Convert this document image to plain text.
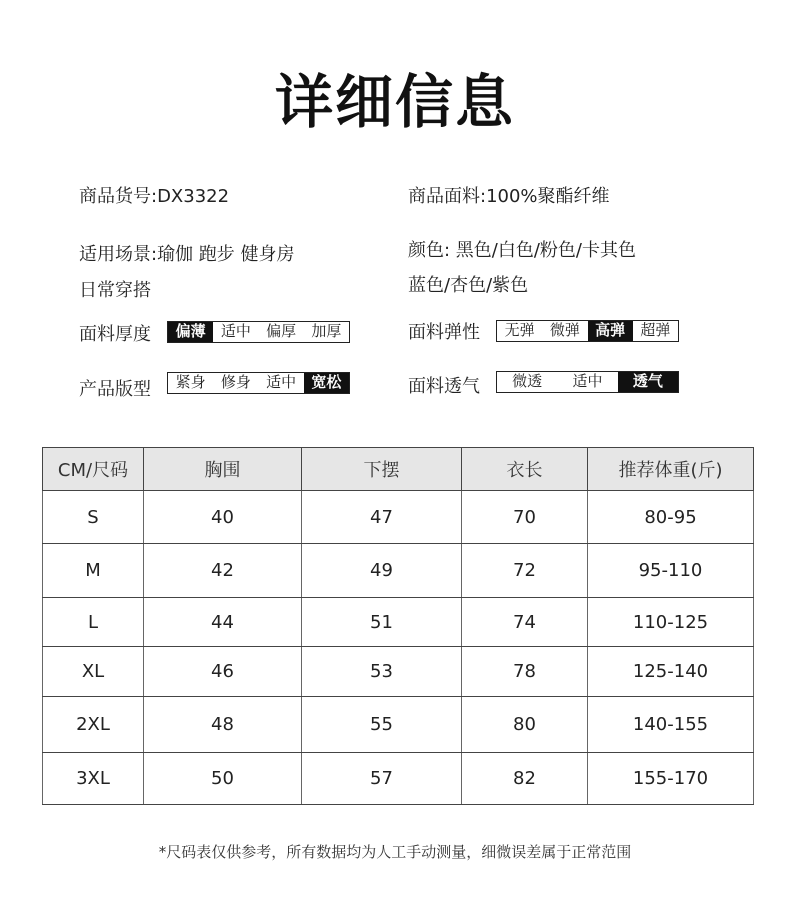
详细信息
商品货号:DX3322	商品面料:100%聚酯纤维
适用场景:瑜伽 跑步 健身房
日常穿搭
颜色: 黑色/白色/粉色/卡其色
蓝色/杏色/紫色
面料厚度	偏薄	适中	偏厚	加厚	面料弹性	无弹	微弹	高弹	超弹
产品版型	紧身	修身	适中	宽松	面料透气	微透	适中	透气
CM/尺码	胸围	下摆	衣长	推荐体重(斤)
S	40	47	70	80-95
M	42	49	72	95-110
L	44	51	74	110-125
XL	46	53	78	125-140
2XL	48	55	80	140-155
3XL	50	57	82	155-170
*尺码表仅供参考，所有数据均为人工手动测量，细微误差属于正常范围
